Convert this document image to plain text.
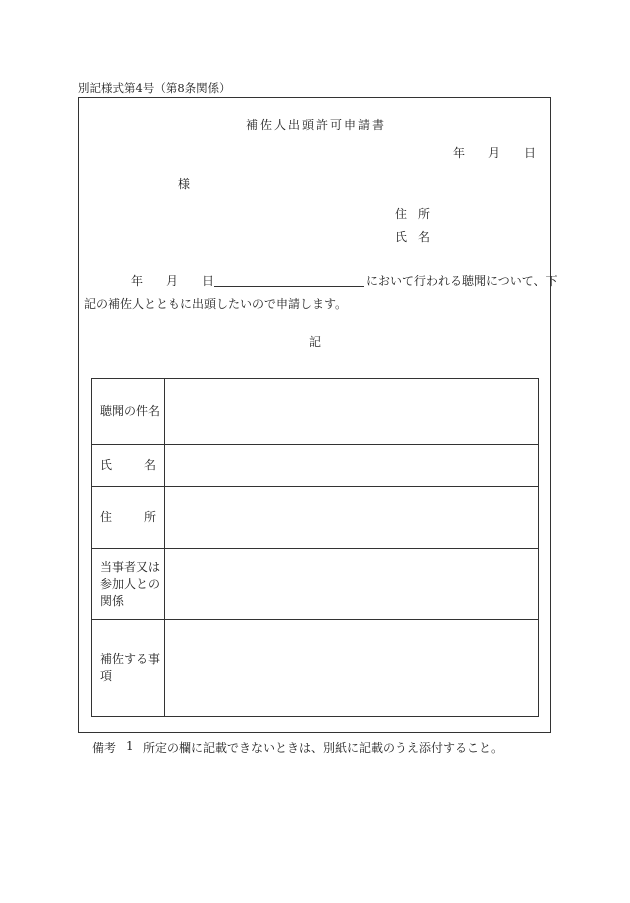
別記様式第4号（第8条関係）
補佐人出頭許可申請書
年 月 日
様
住 所
氏 名
年 月 日	において行われる聴聞について、下
記の補佐人とともに出頭したいので申請します。
記
聴聞の件名	

氏 名	

住 所	

当事者又は参加人との関係	
補佐する事項	
備考 1 所定の欄に記載できないときは、別紙に記載のうえ添付すること。
